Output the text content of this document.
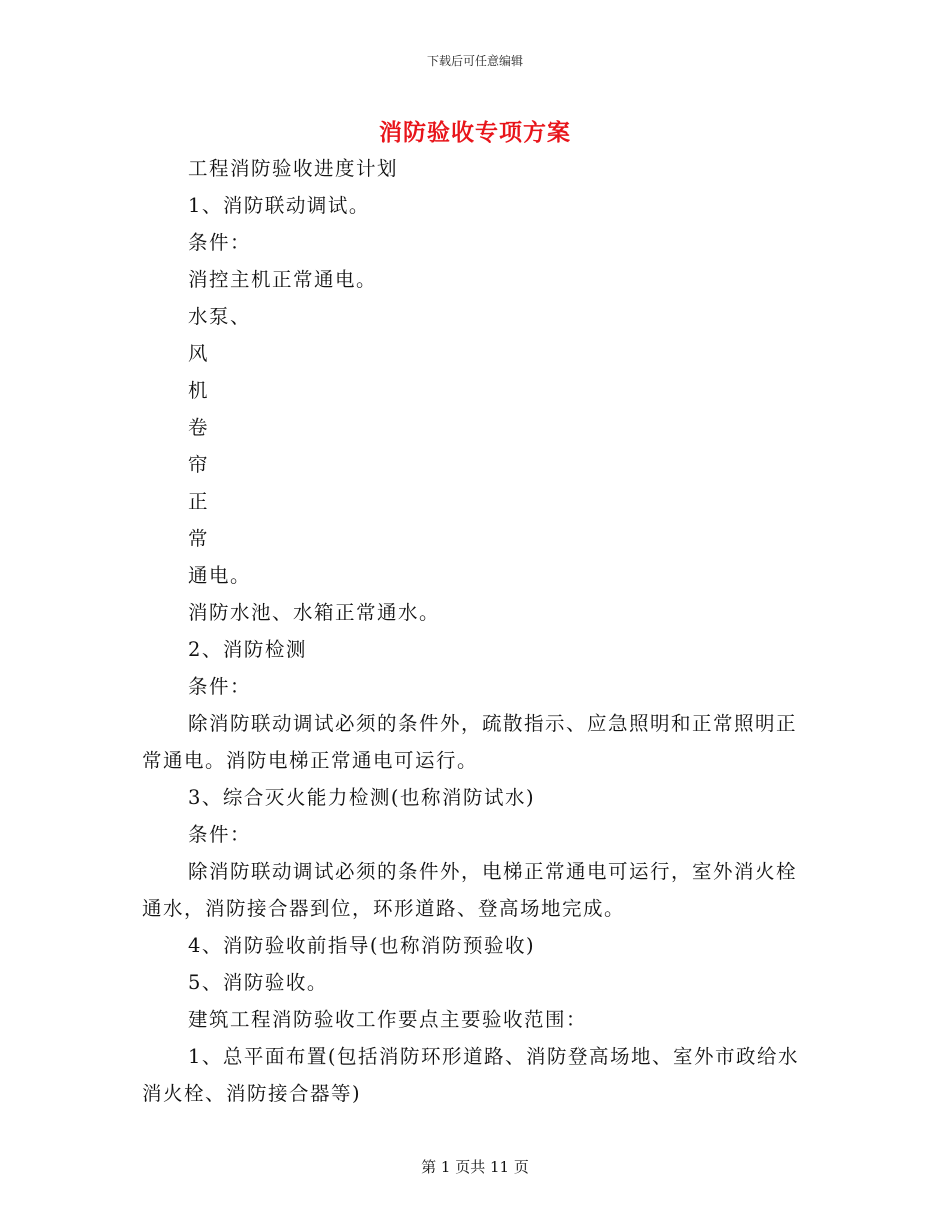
下载后可任意编辑
消防验收专项方案

工程消防验收进度计划

1、消防联动调试。

条件：

消控主机正常通电。

水泵、

风

机

卷

帘

正

常

通电。

消防水池、水箱正常通水。

2、消防检测

条件：

除消防联动调试必须的条件外，疏散指示、应急照明和正常照明正常通电。消防电梯正常通电可运行。

3、综合灭火能力检测(也称消防试水)

条件：

除消防联动调试必须的条件外，电梯正常通电可运行，室外消火栓通水，消防接合器到位，环形道路、登高场地完成。

4、消防验收前指导(也称消防预验收)

5、消防验收。

建筑工程消防验收工作要点主要验收范围：

1、总平面布置(包括消防环形道路、消防登高场地、室外市政给水消火栓、消防接合器等)

第 1 页共 11 页
